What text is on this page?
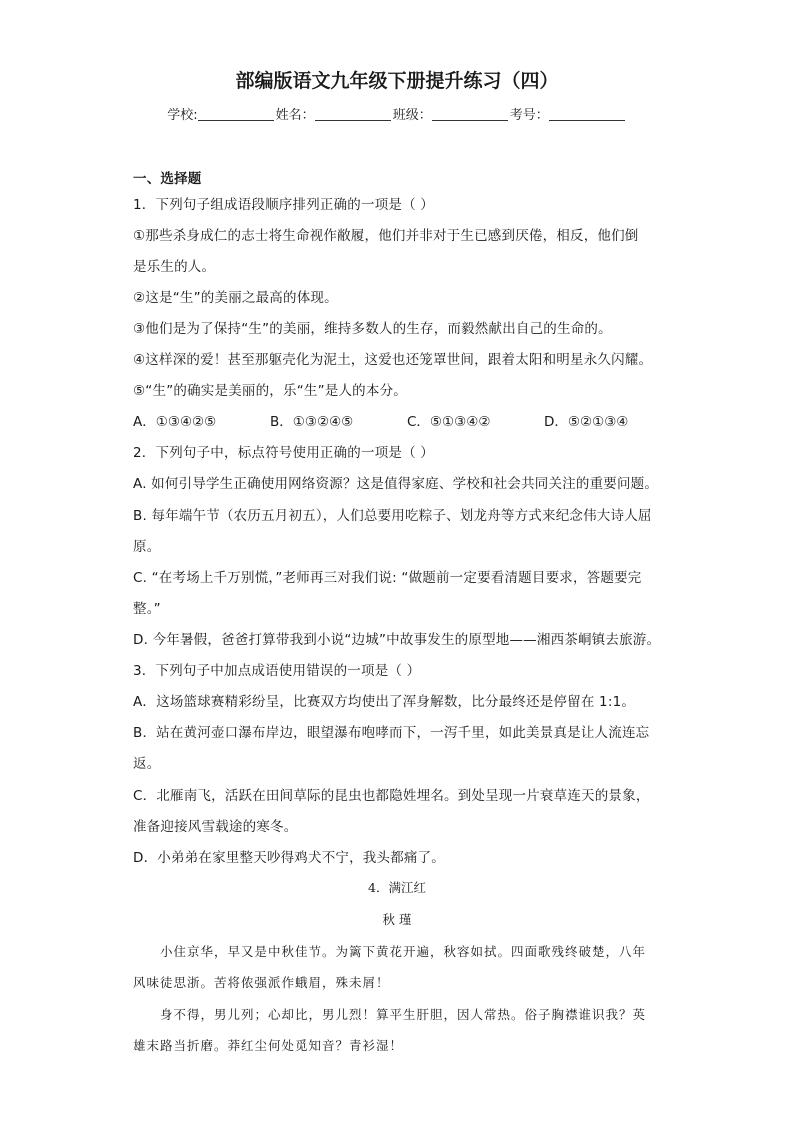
部编版语文九年级下册提升练习（四）
学校:	姓名：	班级：	考号：
一、选择题
1．下列句子组成语段顺序排列正确的一项是（ ）
①那些杀身成仁的志士将生命视作敝履，他们并非对于生已感到厌倦，相反，他们倒
是乐生的人。
②这是“生”的美丽之最高的体现。
③他们是为了保持“生”的美丽，维持多数人的生存，而毅然献出自己的生命的。
④这样深的爱！甚至那躯壳化为泥土，这爱也还笼罩世间，跟着太阳和明星永久闪耀。
⑤“生”的确实是美丽的，乐“生”是人的本分。
A．①③④②⑤	B．①③②④⑤	C．⑤①③④②	D．⑤②①③④
2．下列句子中，标点符号使用正确的一项是（ ）
A. 如何引导学生正确使用网络资源？这是值得家庭、学校和社会共同关注的重要问题。
B. 每年端午节（农历五月初五），人们总要用吃粽子、划龙舟等方式来纪念伟大诗人屈
原。
C. “在考场上千万别慌，”老师再三对我们说: “做题前一定要看清题目要求，答题要完
整。”
D. 今年暑假，爸爸打算带我到小说“边城”中故事发生的原型地——湘西茶峒镇去旅游。
3．下列句子中加点成语使用错误的一项是（ ）
A．这场篮球赛精彩纷呈，比赛双方均使出了浑身解数，比分最终还是停留在 1:1。
B．站在黄河壶口瀑布岸边，眼望瀑布咆哮而下，一泻千里，如此美景真是让人流连忘
返。
C．北雁南飞，活跃在田间草际的昆虫也都隐姓埋名。到处呈现一片衰草连天的景象，
准备迎接风雪载途的寒冬。
D．小弟弟在家里整天吵得鸡犬不宁，我头都痛了。
4．满江红
秋 瑾
小住京华，早又是中秋佳节。为篱下黄花开遍，秋容如拭。四面歌残终破楚，八年
风味徒思浙。苦将侬强派作蛾眉，殊未屑！
身不得，男儿列；心却比，男儿烈！算平生肝胆，因人常热。俗子胸襟谁识我？英
雄末路当折磨。莽红尘何处觅知音？青衫湿！
